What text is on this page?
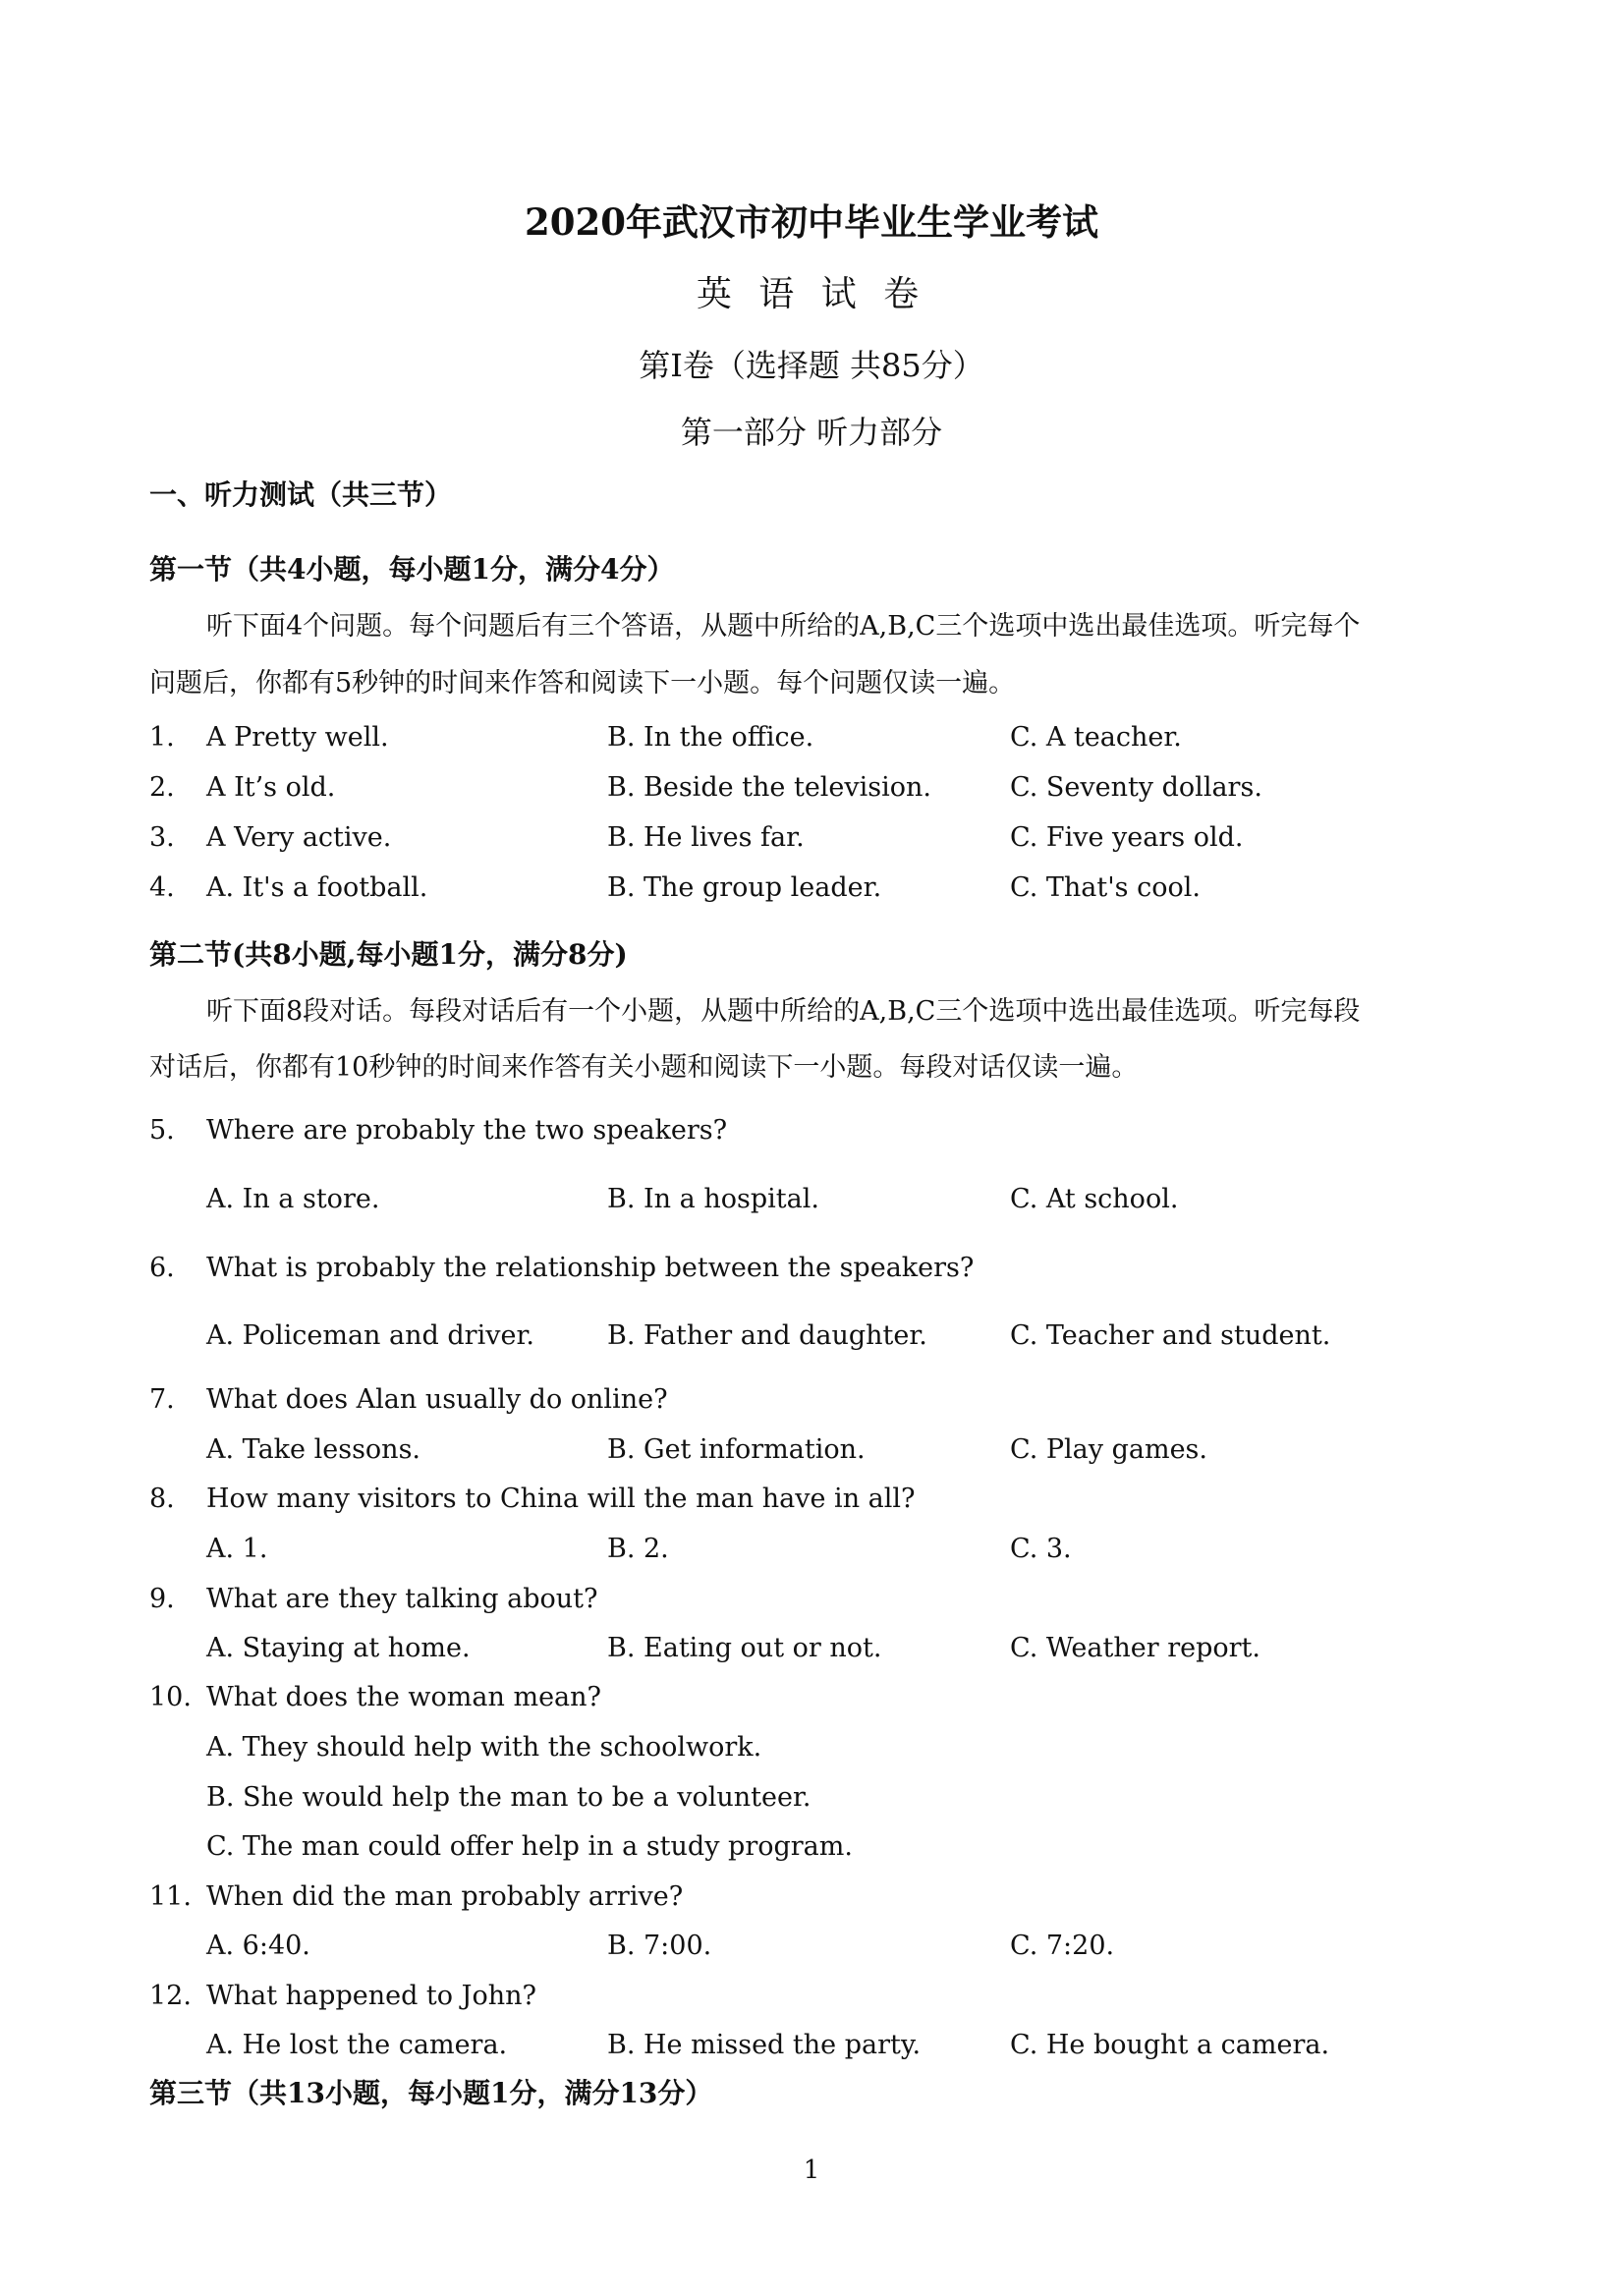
2020年武汉市初中毕业生学业考试
英 语 试 卷
第Ⅰ卷（选择题 共85分）
第一部分 听力部分
一、听力测试（共三节）
第一节（共4小题，每小题1分，满分4分）
听下面4个问题。每个问题后有三个答语，从题中所给的A,B,C三个选项中选出最佳选项。听完每个
问题后，你都有5秒钟的时间来作答和阅读下一小题。每个问题仅读一遍。
1. A Pretty well.	B. In the office.	C. A teacher.
2. A It’s old.	B. Beside the television.	C. Seventy dollars.
3. A Very active.	B. He lives far.	C. Five years old.
4. A. It's a football.	B. The group leader.	C. That's cool.
第二节(共8小题,每小题1分，满分8分)
听下面8段对话。每段对话后有一个小题，从题中所给的A,B,C三个选项中选出最佳选项。听完每段
对话后，你都有10秒钟的时间来作答有关小题和阅读下一小题。每段对话仅读一遍。
5. Where are probably the two speakers?
A. In a store.	B. In a hospital.	C. At school.
6. What is probably the relationship between the speakers?
A. Policeman and driver.	B. Father and daughter.	C. Teacher and student.
7. What does Alan usually do online?
A. Take lessons.	B. Get information.	C. Play games.
8. How many visitors to China will the man have in all?
A. 1.	B. 2.	C. 3.
9. What are they talking about?
A. Staying at home.	B. Eating out or not.	C. Weather report.
10. What does the woman mean?
A. They should help with the schoolwork.
B. She would help the man to be a volunteer.
C. The man could offer help in a study program.
11. When did the man probably arrive?
A. 6:40.	B. 7:00.	C. 7:20.
12. What happened to John?
A. He lost the camera.	B. He missed the party.	C. He bought a camera.
第三节（共13小题，每小题1分，满分13分）
1
